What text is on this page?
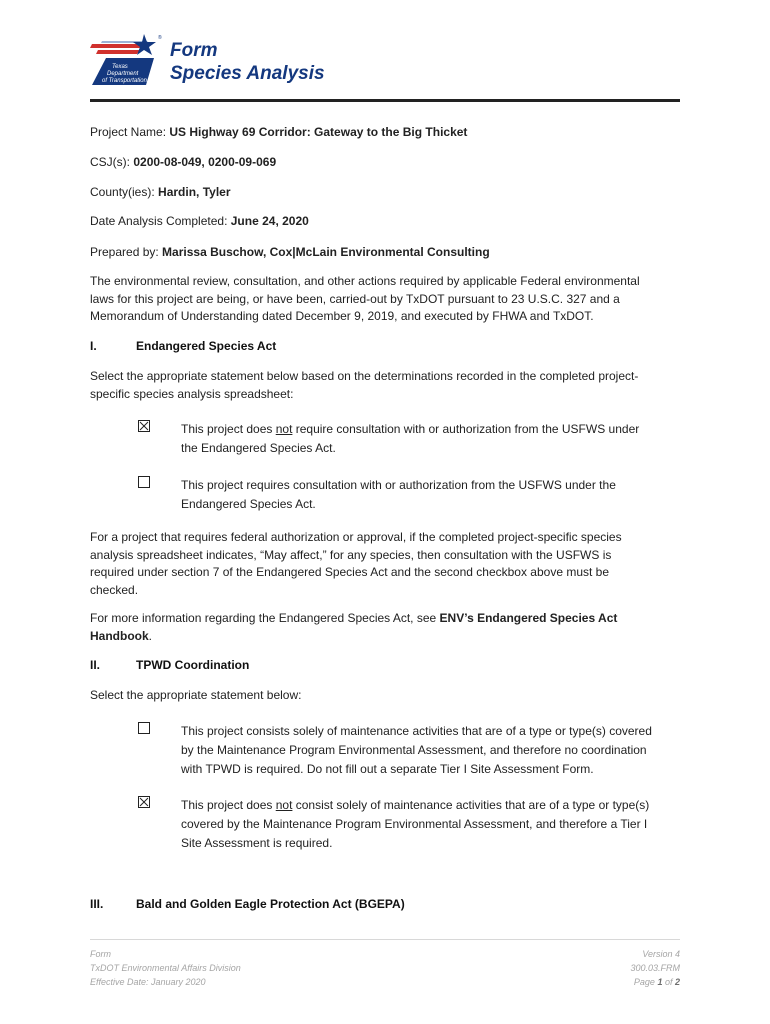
®
Texas
Department
of Transportation
Form
Species Analysis
Project Name: US Highway 69 Corridor: Gateway to the Big Thicket
CSJ(s): 0200-08-049, 0200-09-069
County(ies): Hardin, Tyler
Date Analysis Completed: June 24, 2020
Prepared by: Marissa Buschow, Cox|McLain Environmental Consulting
The environmental review, consultation, and other actions required by applicable Federal environmental
laws for this project are being, or have been, carried-out by TxDOT pursuant to 23 U.S.C. 327 and a
Memorandum of Understanding dated December 9, 2019, and executed by FHWA and TxDOT.
I.	Endangered Species Act
Select the appropriate statement below based on the determinations recorded in the completed project-
specific species analysis spreadsheet:
This project does not require consultation with or authorization from the USFWS under
the Endangered Species Act.
This project requires consultation with or authorization from the USFWS under the
Endangered Species Act.
For a project that requires federal authorization or approval, if the completed project-specific species
analysis spreadsheet indicates, “May affect,” for any species, then consultation with the USFWS is
required under section 7 of the Endangered Species Act and the second checkbox above must be
checked.
For more information regarding the Endangered Species Act, see ENV’s Endangered Species Act
Handbook.
II.	TPWD Coordination
Select the appropriate statement below:
This project consists solely of maintenance activities that are of a type or type(s) covered
by the Maintenance Program Environmental Assessment, and therefore no coordination
with TPWD is required. Do not fill out a separate Tier I Site Assessment Form.
This project does not consist solely of maintenance activities that are of a type or type(s)
covered by the Maintenance Program Environmental Assessment, and therefore a Tier I
Site Assessment is required.
III.	Bald and Golden Eagle Protection Act (BGEPA)
Form
TxDOT Environmental Affairs Division
Effective Date: January 2020
Version 4
300.03.FRM
Page 1 of 2
